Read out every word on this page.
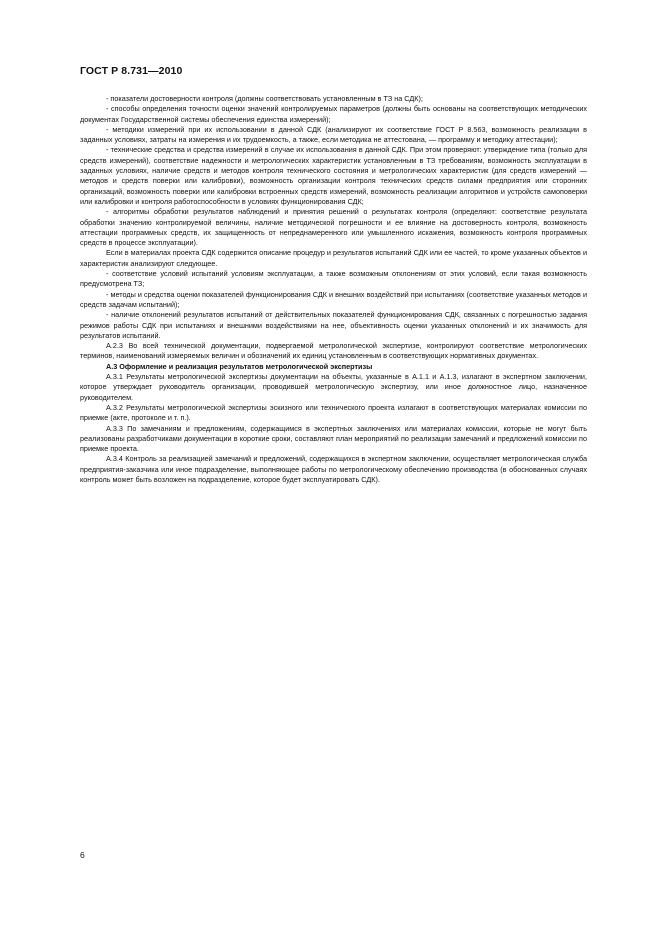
ГОСТ Р 8.731—2010

- показатели достоверности контроля (должны соответствовать установленным в ТЗ на СДК);

- способы определения точности оценки значений контролируемых параметров (должны быть основаны на соответствующих методических документах Государственной системы обеспечения единства измерений);

- методики измерений при их использовании в данной СДК (анализируют их соответствие ГОСТ Р 8.563, возможность реализации в заданных условиях, затраты на измерения и их трудоемкость, а также, если методика не аттестована, — программу и методику аттестации);

- технические средства и средства измерений в случае их использования в данной СДК. При этом проверяют: утверждение типа (только для средств измерений), соответствие надежности и метрологических характеристик установленным в ТЗ требованиям, возможность эксплуатации в заданных условиях, наличие средств и методов контроля технического состояния и метрологических характеристик (для средств измерений — методов и средств поверки или калибровки), возможность организации контроля технических средств силами предприятия или сторонних организаций, возможность поверки или калибровки встроенных средств измерений, возможность реализации алгоритмов и устройств самоповерки или калибровки и контроля работоспособности в условиях функционирования СДК;

- алгоритмы обработки результатов наблюдений и принятия решений о результатах контроля (определяют: соответствие результата обработки значению контролируемой величины, наличие методической погрешности и ее влияние на достоверность контроля, возможность аттестации программных средств, их защищенность от непреднамеренного или умышленного искажения, возможность контроля программных средств в процессе эксплуатации).

Если в материалах проекта СДК содержится описание процедур и результатов испытаний СДК или ее частей, то кроме указанных объектов и характеристик анализируют следующее.

- соответствие условий испытаний условиям эксплуатации, а также возможным отклонениям от этих условий, если такая возможность предусмотрена ТЗ;

- методы и средства оценки показателей функционирования СДК и внешних воздействий при испытаниях (соответствие указанных методов и средств задачам испытаний);

- наличие отклонений результатов испытаний от действительных показателей функционирования СДК, связанных с погрешностью задания режимов работы СДК при испытаниях и внешними воздействиями на нее, объективность оценки указанных отклонений и их значимость для результатов испытаний.

А.2.3 Во всей технической документации, подвергаемой метрологической экспертизе, контролируют соответствие метрологических терминов, наименований измеряемых величин и обозначений их единиц установленным в соответствующих нормативных документах.

А.3 Оформление и реализация результатов метрологической экспертизы

А.3.1 Результаты метрологической экспертизы документации на объекты, указанные в А.1.1 и А.1.3, излагают в экспертном заключении, которое утверждает руководитель организации, проводившей метрологическую экспертизу, или иное должностное лицо, назначенное руководителем.

А.3.2 Результаты метрологической экспертизы эскизного или технического проекта излагают в соответствующих материалах комиссии по приемке (акте, протоколе и т. п.).

А.3.3 По замечаниям и предложениям, содержащимся в экспертных заключениях или материалах комиссии, которые не могут быть реализованы разработчиками документации в короткие сроки, составляют план мероприятий по реализации замечаний и предложений комиссии по приемке проекта.

А.3.4 Контроль за реализацией замечаний и предложений, содержащихся в экспертном заключении, осуществляет метрологическая служба предприятия-заказчика или иное подразделение, выполняющее работы по метрологическому обеспечению производства (в обоснованных случаях контроль может быть возложен на подразделение, которое будет эксплуатировать СДК).

6
